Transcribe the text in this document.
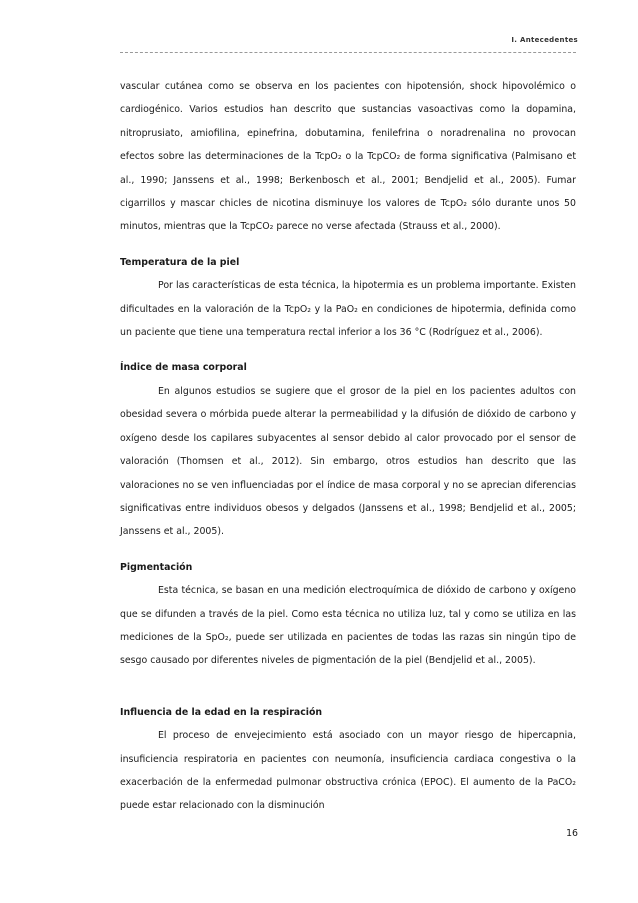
I. Antecedentes

vascular cutánea como se observa en los pacientes con hipotensión, shock hipovolémico o cardiogénico. Varios estudios han descrito que sustancias vasoactivas como la dopamina, nitroprusiato, amiofilina, epinefrina, dobutamina, fenilefrina o noradrenalina no provocan efectos sobre las determinaciones de la TcpO₂ o la TcpCO₂ de forma significativa (Palmisano et al., 1990; Janssens et al., 1998; Berkenbosch et al., 2001; Bendjelid et al., 2005). Fumar cigarrillos y mascar chicles de nicotina disminuye los valores de TcpO₂ sólo durante unos 50 minutos, mientras que la TcpCO₂ parece no verse afectada (Strauss et al., 2000).

Temperatura de la piel

Por las características de esta técnica, la hipotermia es un problema importante. Existen dificultades en la valoración de la TcpO₂ y la PaO₂ en condiciones de hipotermia, definida como un paciente que tiene una temperatura rectal inferior a los 36 °C (Rodríguez et al., 2006).

Índice de masa corporal

En algunos estudios se sugiere que el grosor de la piel en los pacientes adultos con obesidad severa o mórbida puede alterar la permeabilidad y la difusión de dióxido de carbono y oxígeno desde los capilares subyacentes al sensor debido al calor provocado por el sensor de valoración (Thomsen et al., 2012). Sin embargo, otros estudios han descrito que las valoraciones no se ven influenciadas por el índice de masa corporal y no se aprecian diferencias significativas entre individuos obesos y delgados (Janssens et al., 1998; Bendjelid et al., 2005; Janssens et al., 2005).

Pigmentación

Esta técnica, se basan en una medición electroquímica de dióxido de carbono y oxígeno que se difunden a través de la piel. Como esta técnica no utiliza luz, tal y como se utiliza en las mediciones de la SpO₂, puede ser utilizada en pacientes de todas las razas sin ningún tipo de sesgo causado por diferentes niveles de pigmentación de la piel (Bendjelid et al., 2005).

Influencia de la edad en la respiración

El proceso de envejecimiento está asociado con un mayor riesgo de hipercapnia, insuficiencia respiratoria en pacientes con neumonía, insuficiencia cardiaca congestiva o la exacerbación de la enfermedad pulmonar obstructiva crónica (EPOC). El aumento de la PaCO₂ puede estar relacionado con la disminución

16
